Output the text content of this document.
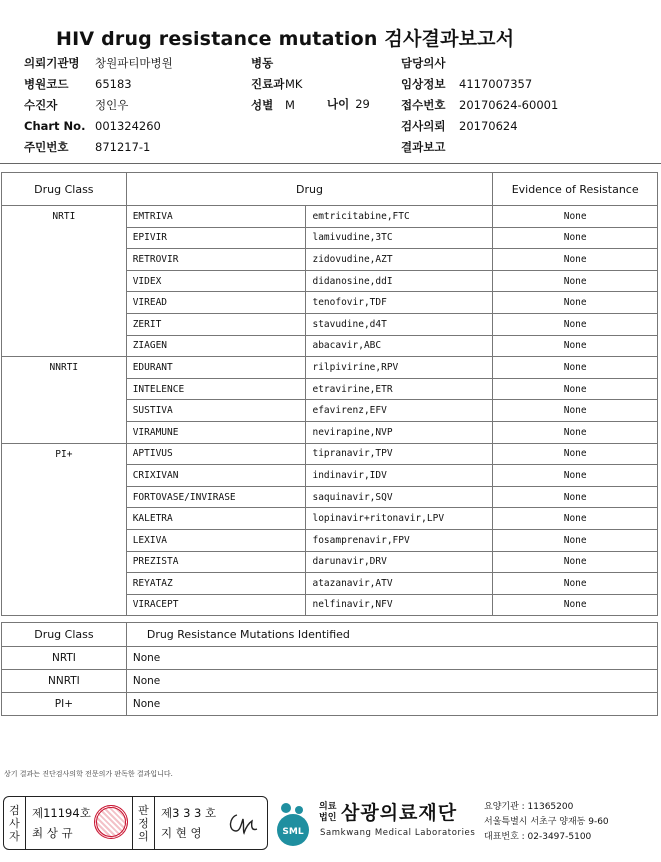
HIV drug resistance mutation 검사결과보고서
의뢰기관명 창원파티마병원
병원코드 65183
수진자	정인우
Chart No. 001324260
주민번호 871217-1
병동
진료과MK
성별 M	나이 29
담당의사
임상정보 4117007357
접수번호 20170624-60001
검사의뢰 20170624
결과보고
Drug Class	Drug		Evidence of Resistance
NRTI	EMTRIVA	emtricitabine,FTC	None
	EPIVIR	lamivudine,3TC	None
	RETROVIR	zidovudine,AZT	None
	VIDEX	didanosine,ddI	None
	VIREAD	tenofovir,TDF	None
	ZERIT	stavudine,d4T	None
	ZIAGEN	abacavir,ABC	None
NNRTI	EDURANT	rilpivirine,RPV	None
	INTELENCE	etravirine,ETR	None
	SUSTIVA	efavirenz,EFV	None
	VIRAMUNE	nevirapine,NVP	None
PI+	APTIVUS	tipranavir,TPV	None
	CRIXIVAN	indinavir,IDV	None
	FORTOVASE/INVIRASE	saquinavir,SQV	None
	KALETRA	lopinavir+ritonavir,LPV	None
	LEXIVA	fosamprenavir,FPV	None
	PREZISTA	darunavir,DRV	None
	REYATAZ	atazanavir,ATV	None
	VIRACEPT	nelfinavir,NFV	None
Drug Class	Drug Resistance Mutations Identified
NRTI	None
NNRTI	None
PI+	None
상기 결과는 진단검사의학 전문의가 판독한 결과입니다.
검
사
자
제11194호
최 상 규
판
정
의
제3 3 3 호
지 현 영	SML
의료
법인 삼광의료재단
Samkwang Medical Laboratories
요양기관 : 11365200
서울특별시 서초구 양재동 9-60
대표번호 : 02-3497-5100
